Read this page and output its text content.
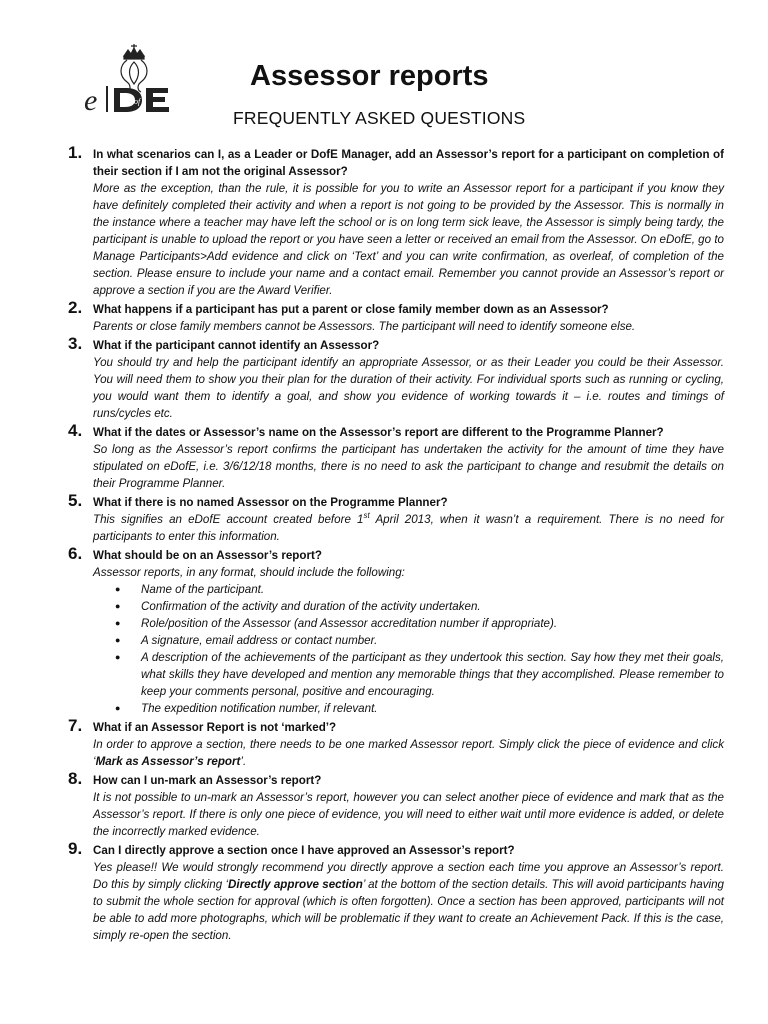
e	of
Assessor reports
FREQUENTLY ASKED QUESTIONS
1. In what scenarios can I, as a Leader or DofE Manager, add an Assessor’s report for a participant on completion of their section if I am not the original Assessor?
More as the exception, than the rule, it is possible for you to write an Assessor report for a participant if you know they have definitely completed their activity and when a report is not going to be provided by the Assessor. This is normally in the instance where a teacher may have left the school or is on long term sick leave, the Assessor is simply being tardy, the participant is unable to upload the report or you have seen a letter or received an email from the Assessor. On eDofE, go to Manage Participants>Add evidence and click on ‘Text’ and you can write confirmation, as overleaf, of completion of the section. Please ensure to include your name and a contact email. Remember you cannot provide an Assessor’s report or approve a section if you are the Award Verifier.
2. What happens if a participant has put a parent or close family member down as an Assessor?
Parents or close family members cannot be Assessors. The participant will need to identify someone else.
3. What if the participant cannot identify an Assessor?
You should try and help the participant identify an appropriate Assessor, or as their Leader you could be their Assessor. You will need them to show you their plan for the duration of their activity. For individual sports such as running or cycling, you would want them to identify a goal, and show you evidence of working towards it – i.e. routes and timings of runs/cycles etc.
4. What if the dates or Assessor’s name on the Assessor’s report are different to the Programme Planner?
So long as the Assessor’s report confirms the participant has undertaken the activity for the amount of time they have stipulated on eDofE, i.e. 3/6/12/18 months, there is no need to ask the participant to change and resubmit the details on their Programme Planner.
5. What if there is no named Assessor on the Programme Planner?
This signifies an eDofE account created before 1st April 2013, when it wasn’t a requirement. There is no need for participants to enter this information.
6. What should be on an Assessor’s report?
Assessor reports, in any format, should include the following:
● Name of the participant.
● Confirmation of the activity and duration of the activity undertaken.
● Role/position of the Assessor (and Assessor accreditation number if appropriate).
● A signature, email address or contact number.
● A description of the achievements of the participant as they undertook this section. Say how they met their goals, what skills they have developed and mention any memorable things that they accomplished. Please remember to keep your comments personal, positive and encouraging.
● The expedition notification number, if relevant.
7. What if an Assessor Report is not ‘marked’?
In order to approve a section, there needs to be one marked Assessor report. Simply click the piece of evidence and click ‘Mark as Assessor’s report’.
8. How can I un-mark an Assessor’s report?
It is not possible to un-mark an Assessor’s report, however you can select another piece of evidence and mark that as the Assessor’s report. If there is only one piece of evidence, you will need to either wait until more evidence is added, or delete the incorrectly marked evidence.
9. Can I directly approve a section once I have approved an Assessor’s report?
Yes please!! We would strongly recommend you directly approve a section each time you approve an Assessor’s report. Do this by simply clicking ‘Directly approve section’ at the bottom of the section details. This will avoid participants having to submit the whole section for approval (which is often forgotten). Once a section has been approved, participants will not be able to add more photographs, which will be problematic if they want to create an Achievement Pack. If this is the case, simply re-open the section.
